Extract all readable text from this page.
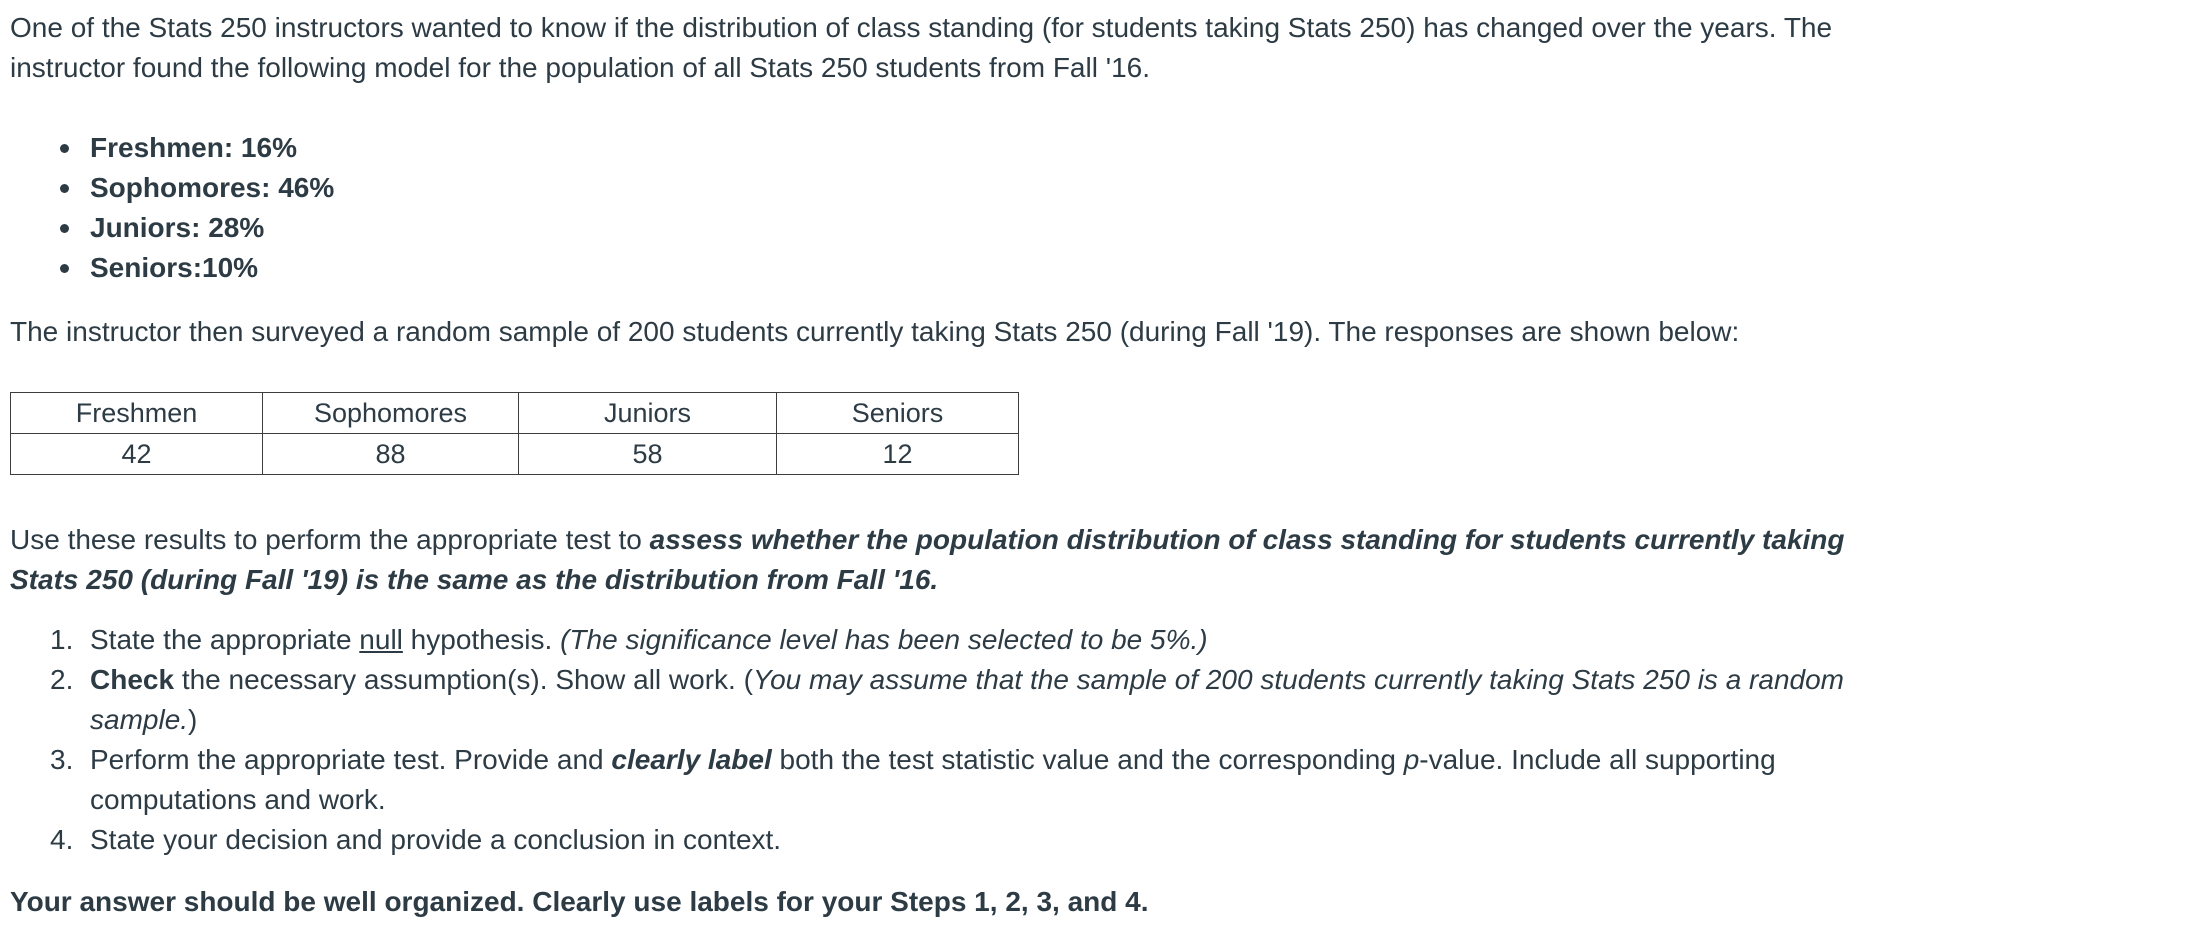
One of the Stats 250 instructors wanted to know if the distribution of class standing (for students taking Stats 250) has changed over the years. The
instructor found the following model for the population of all Stats 250 students from Fall '16.

Freshmen: 16%
Sophomores: 46%
Juniors: 28%
Seniors:10%

The instructor then surveyed a random sample of 200 students currently taking Stats 250 (during Fall '19). The responses are shown below:

Freshmen	Sophomores	Juniors	Seniors
42	88	58	12

Use these results to perform the appropriate test to assess whether the population distribution of class standing for students currently taking
Stats 250 (during Fall '19) is the same as the distribution from Fall '16.

1. State the appropriate null hypothesis. (The significance level has been selected to be 5%.)
2. Check the necessary assumption(s). Show all work. (You may assume that the sample of 200 students currently taking Stats 250 is a random
sample.)
3. Perform the appropriate test. Provide and clearly label both the test statistic value and the corresponding p-value. Include all supporting
computations and work.
4. State your decision and provide a conclusion in context.

Your answer should be well organized. Clearly use labels for your Steps 1, 2, 3, and 4.
